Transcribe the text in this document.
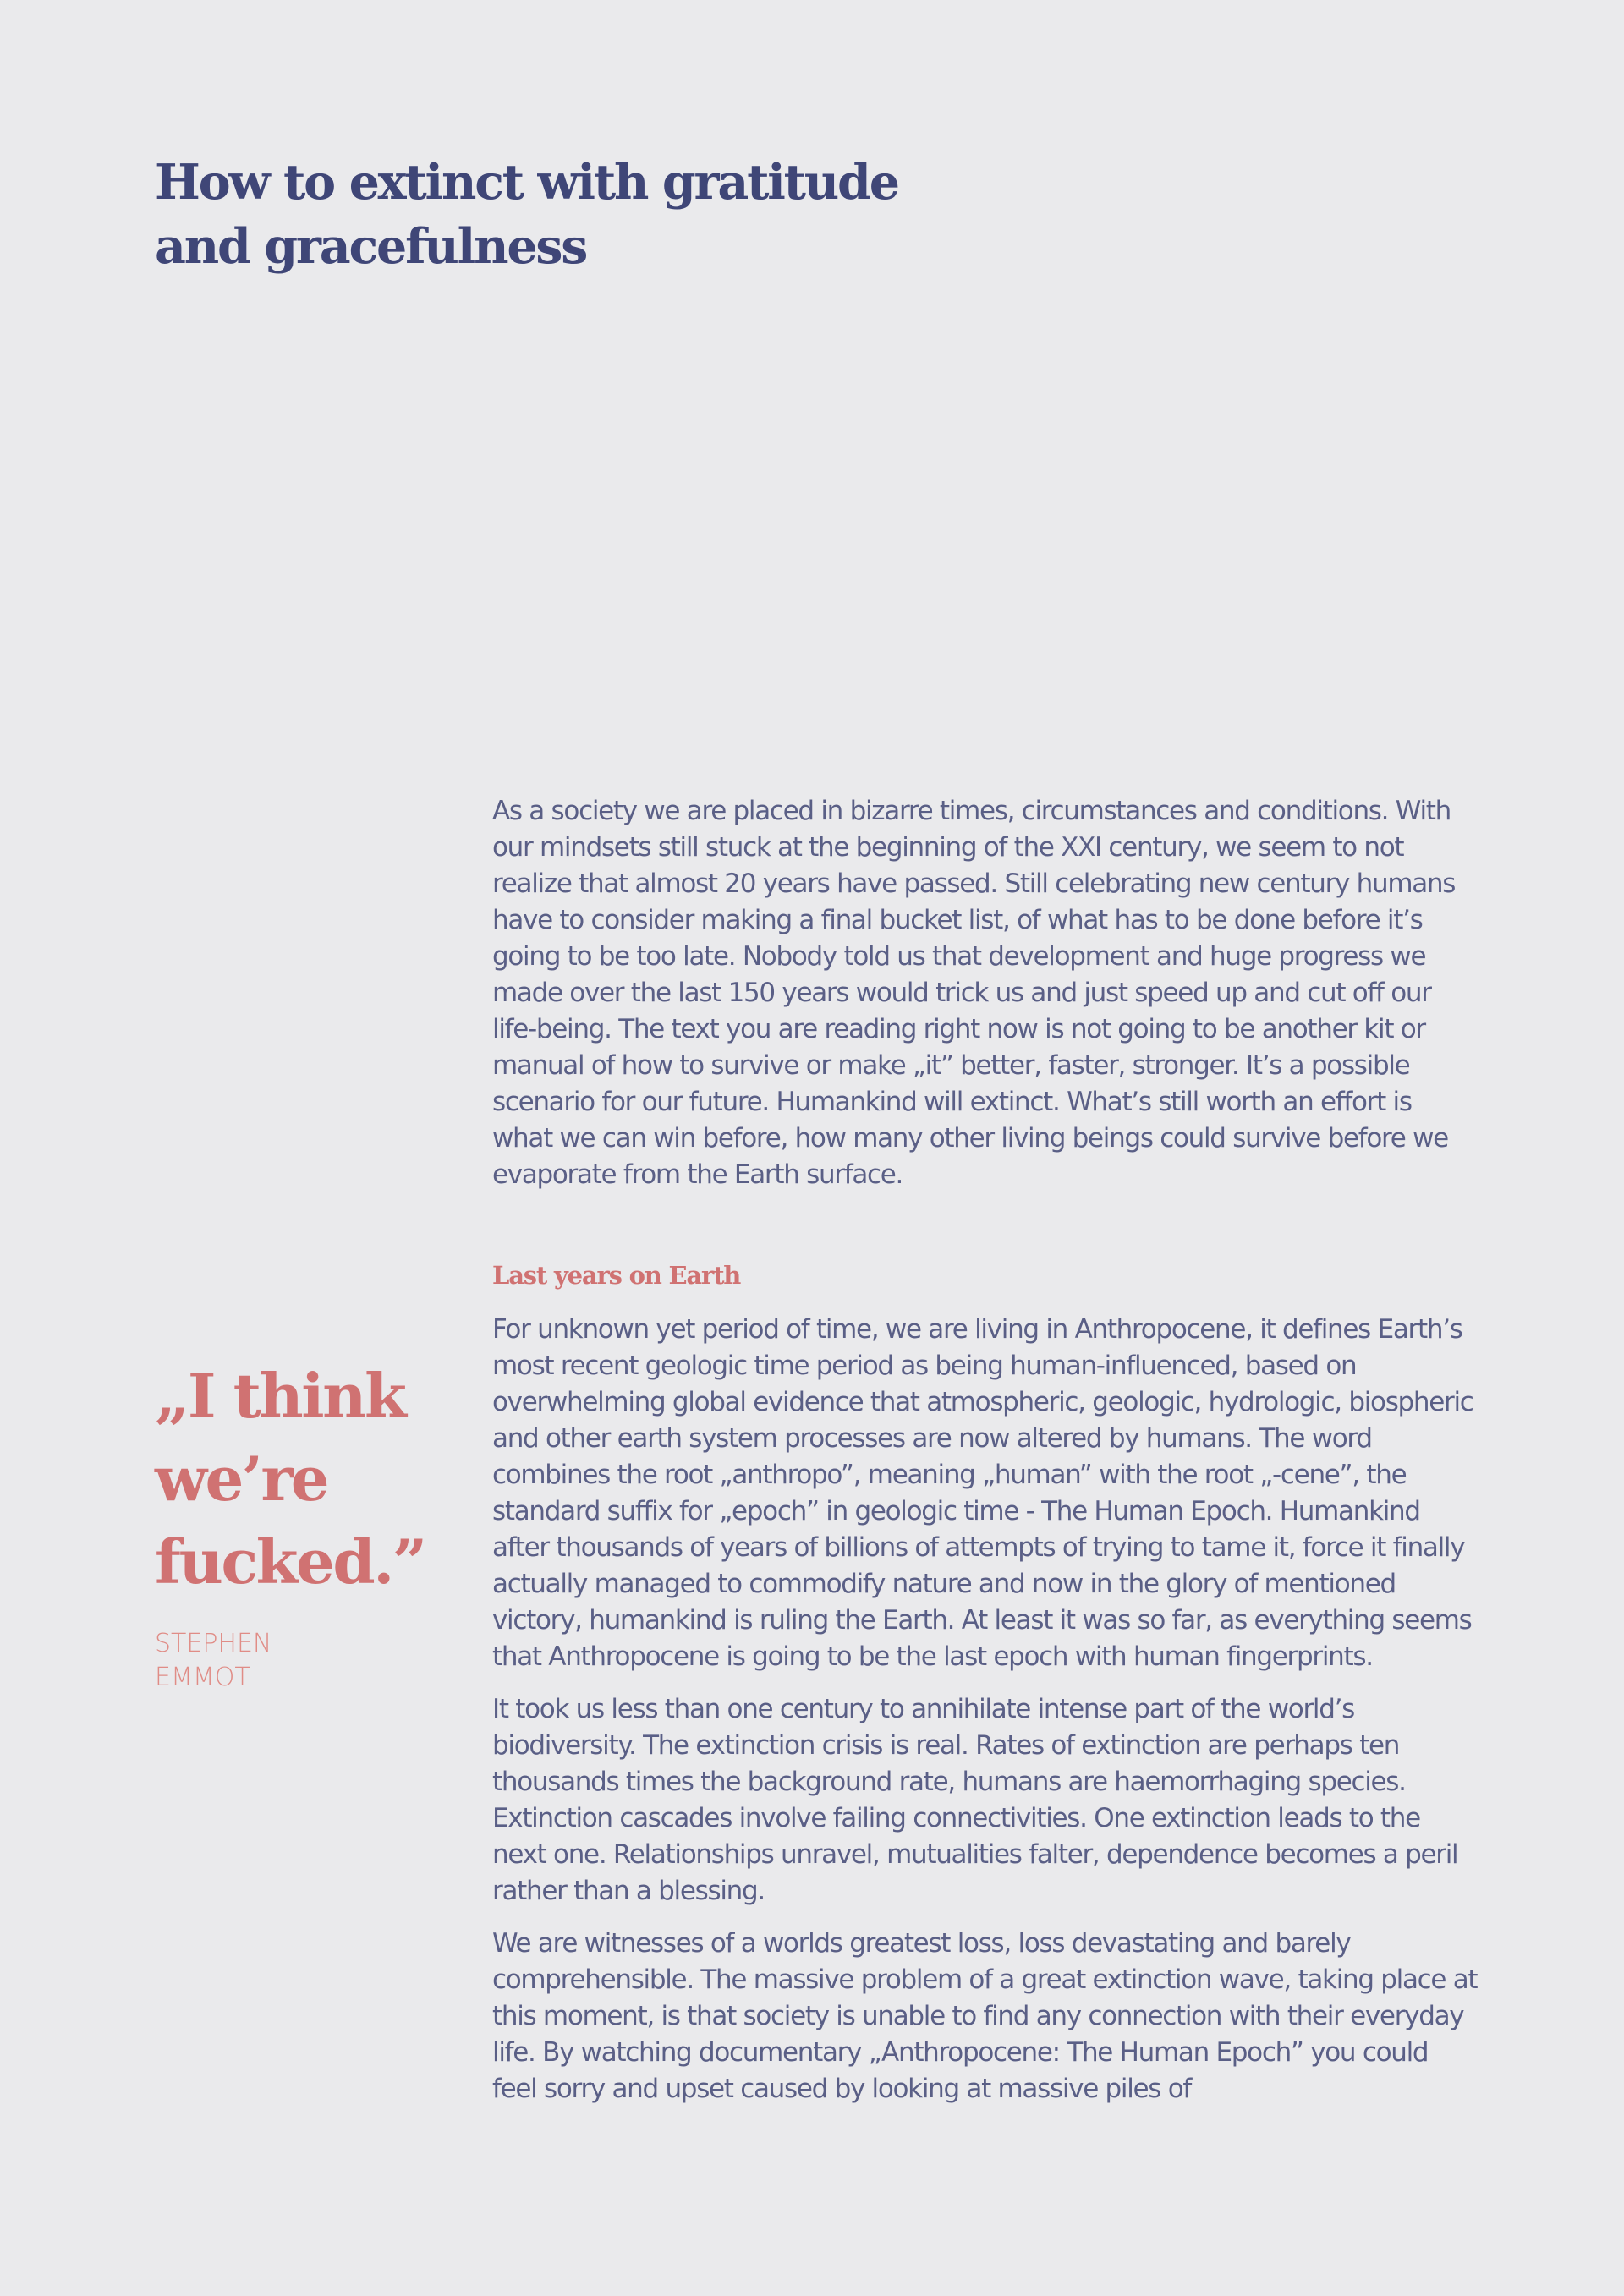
How to extinct with gratitude
and gracefulness

As a society we are placed in bizarre times, circumstances and conditions. With our mindsets still stuck at the beginning of the XXI century, we seem to not realize that almost 20 years have passed. Still celebrating new century humans have to consider making a final bucket list, of what has to be done before it’s going to be too late. Nobody told us that development and huge progress we made over the last 150 years would trick us and just speed up and cut off our life-being. The text you are reading right now is not going to be another kit or manual of how to survive or make „it” better, faster, stronger. It’s a possible scenario for our future. Humankind will extinct. What’s still worth an effort is what we can win before, how many other living beings could survive before we evaporate from the Earth surface.

Last years on Earth

For unknown yet period of time, we are living in Anthropocene, it defines Earth’s most recent geologic time period as being human-influenced, based on overwhelming global evidence that atmospheric, geologic, hydrologic, biospheric and other earth system processes are now altered by humans. The word combines the root „anthropo”, meaning „human” with the root „-cene”, the standard suffix for „epoch” in geologic time - The Human Epoch. Humankind after thousands of years of billions of attempts of trying to tame it, force it finally actually managed to commodify nature and now in the glory of mentioned victory, humankind is ruling the Earth. At least it was so far, as everything seems that Anthropocene is going to be the last epoch with human fingerprints.

It took us less than one century to annihilate intense part of the world’s biodiversity. The extinction crisis is real. Rates of extinction are perhaps ten thousands times the background rate, humans are haemorrhaging species. Extinction cascades involve failing connectivities. One extinction leads to the next one. Relationships unravel, mutualities falter, dependence becomes a peril rather than a blessing.

We are witnesses of a worlds greatest loss, loss devastating and barely comprehensible. The massive problem of a great extinction wave, taking place at this moment, is that society is unable to find any connection with their everyday life. By watching documentary „Anthropocene: The Human Epoch” you could feel sorry and upset caused by looking at massive piles of

„I think
we’re
fucked.”

STEPHEN
EMMOT
